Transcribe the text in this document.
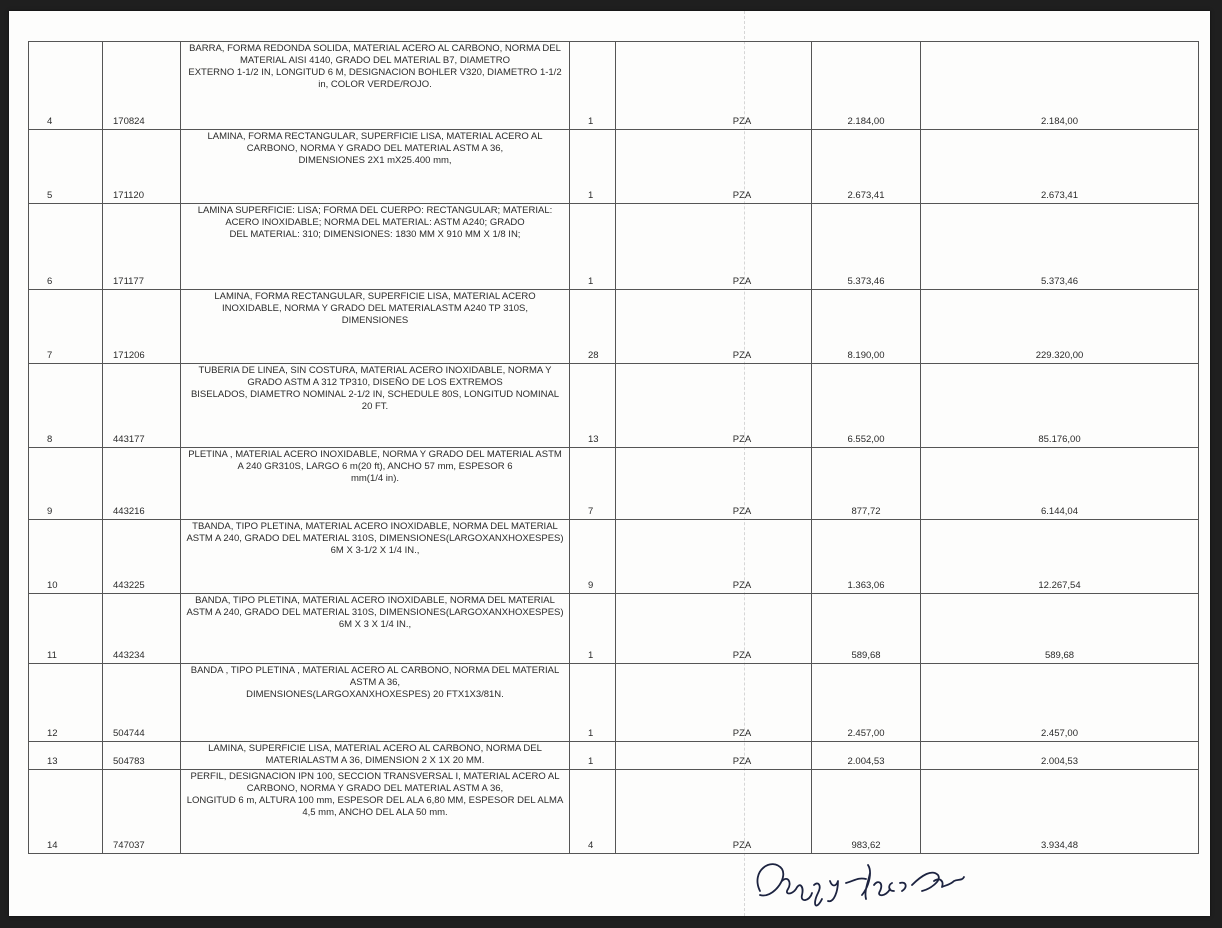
4	170824	BARRA, FORMA REDONDA SOLIDA, MATERIAL ACERO AL CARBONO, NORMA DEL MATERIAL AISI 4140, GRADO DEL MATERIAL B7, DIAMETRO
EXTERNO 1-1/2 IN, LONGITUD 6 M, DESIGNACION BOHLER V320, DIAMETRO 1-1/2 in, COLOR VERDE/ROJO.	1	PZA	2.184,00	2.184,00
5	171120	LAMINA, FORMA RECTANGULAR, SUPERFICIE LISA, MATERIAL ACERO AL CARBONO, NORMA Y GRADO DEL MATERIAL ASTM A 36,
DIMENSIONES 2X1 mX25.400 mm,	1	PZA	2.673,41	2.673,41
6	171177	LAMINA SUPERFICIE: LISA; FORMA DEL CUERPO: RECTANGULAR; MATERIAL: ACERO INOXIDABLE; NORMA DEL MATERIAL: ASTM A240; GRADO
DEL MATERIAL: 310; DIMENSIONES: 1830 MM X 910 MM X 1/8 IN;	1	PZA	5.373,46	5.373,46
7	171206	LAMINA, FORMA RECTANGULAR, SUPERFICIE LISA, MATERIAL ACERO INOXIDABLE, NORMA Y GRADO DEL MATERIALASTM A240 TP 310S,
DIMENSIONES	28	PZA	8.190,00	229.320,00
8	443177	TUBERIA DE LINEA, SIN COSTURA, MATERIAL ACERO INOXIDABLE, NORMA Y GRADO ASTM A 312 TP310, DISEÑO DE LOS EXTREMOS
BISELADOS, DIAMETRO NOMINAL 2-1/2 IN, SCHEDULE 80S, LONGITUD NOMINAL 20 FT.	13	PZA	6.552,00	85.176,00
9	443216	PLETINA , MATERIAL ACERO INOXIDABLE, NORMA Y GRADO DEL MATERIAL ASTM A 240 GR310S, LARGO 6 m(20 ft), ANCHO 57 mm, ESPESOR 6
mm(1/4 in).	7	PZA	877,72	6.144,04
10	443225	TBANDA, TIPO PLETINA, MATERIAL ACERO INOXIDABLE, NORMA DEL MATERIAL ASTM A 240, GRADO DEL MATERIAL 310S, DIMENSIONES(LARGOXANXHOXESPES) 6M X 3-1/2 X 1/4 IN.,	9	PZA	1.363,06	12.267,54
11	443234	BANDA, TIPO PLETINA, MATERIAL ACERO INOXIDABLE, NORMA DEL MATERIAL ASTM A 240, GRADO DEL MATERIAL 310S, DIMENSIONES(LARGOXANXHOXESPES) 6M X 3 X 1/4 IN.,	1	PZA	589,68	589,68
12	504744	BANDA , TIPO PLETINA , MATERIAL ACERO AL CARBONO, NORMA DEL MATERIAL ASTM A 36,
DIMENSIONES(LARGOXANXHOXESPES) 20 FTX1X3/81N.	1	PZA	2.457,00	2.457,00
13	504783	LAMINA, SUPERFICIE LISA, MATERIAL ACERO AL CARBONO, NORMA DEL MATERIALASTM A 36, DIMENSION 2 X 1X 20 MM.	1	PZA	2.004,53	2.004,53
14	747037	PERFIL, DESIGNACION IPN 100, SECCION TRANSVERSAL I, MATERIAL ACERO AL CARBONO, NORMA Y GRADO DEL MATERIAL ASTM A 36,
LONGITUD 6 m, ALTURA 100 mm, ESPESOR DEL ALA 6,80 MM, ESPESOR DEL ALMA 4,5 mm, ANCHO DEL ALA 50 mm.	4	PZA	983,62	3.934,48
